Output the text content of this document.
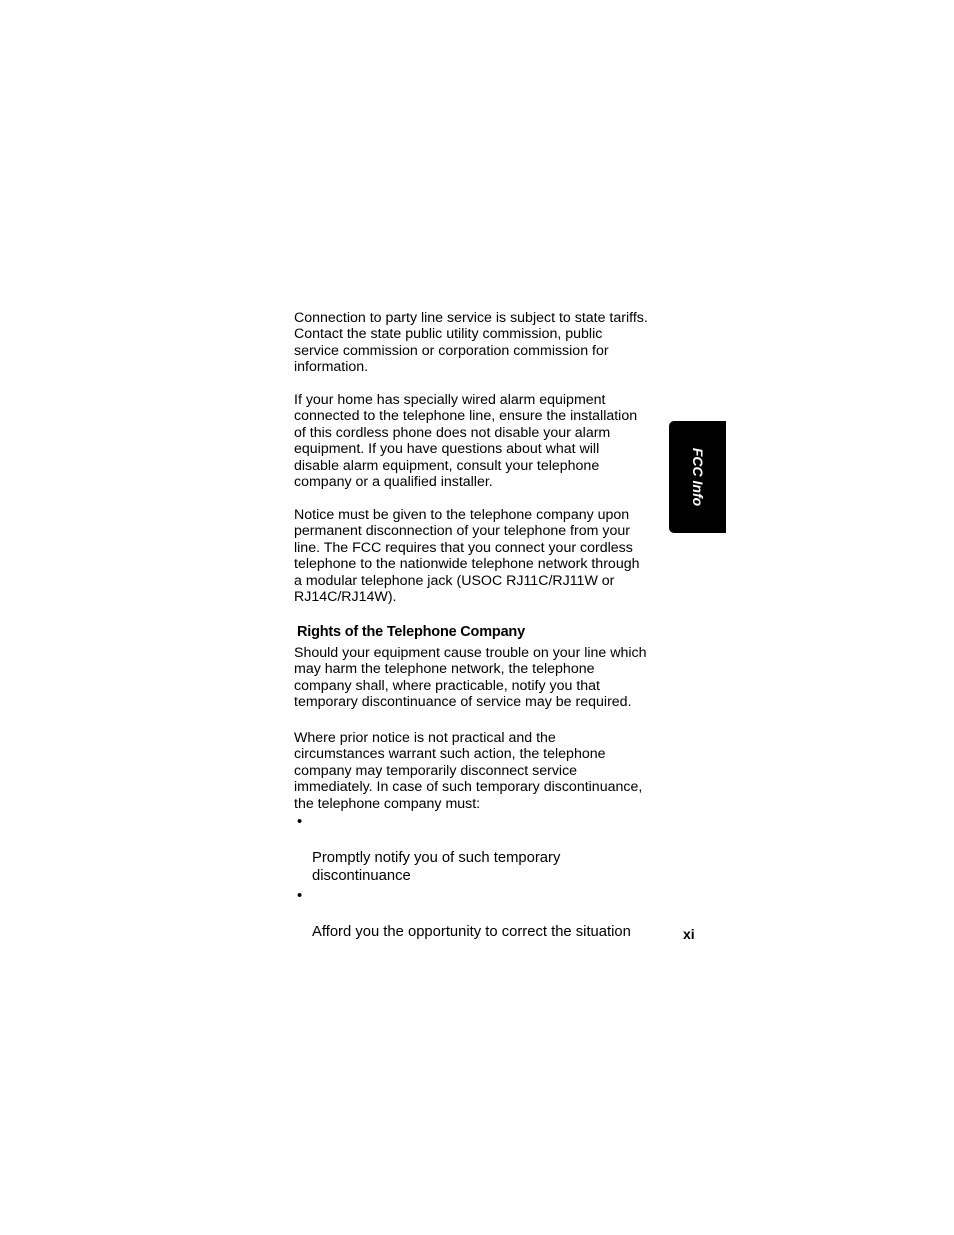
Connection to party line service is subject to state tariffs.
Contact the state public utility commission, public
service commission or corporation commission for
information.

If your home has specially wired alarm equipment
connected to the telephone line, ensure the installation
of this cordless phone does not disable your alarm
equipment. If you have questions about what will
disable alarm equipment, consult your telephone
company or a qualified installer.

Notice must be given to the telephone company upon
permanent disconnection of your telephone from your
line. The FCC requires that you connect your cordless
telephone to the nationwide telephone network through
a modular telephone jack (USOC RJ11C/RJ11W or
RJ14C/RJ14W).

Rights of the Telephone Company

Should your equipment cause trouble on your line which
may harm the telephone network, the telephone
company shall, where practicable, notify you that
temporary discontinuance of service may be required.

Where prior notice is not practical and the
circumstances warrant such action, the telephone
company may temporarily disconnect service
immediately. In case of such temporary discontinuance,
the telephone company must:

•

Promptly notify you of such temporary
discontinuance

•

Afford you the opportunity to correct the situation

FCC Info
xi
